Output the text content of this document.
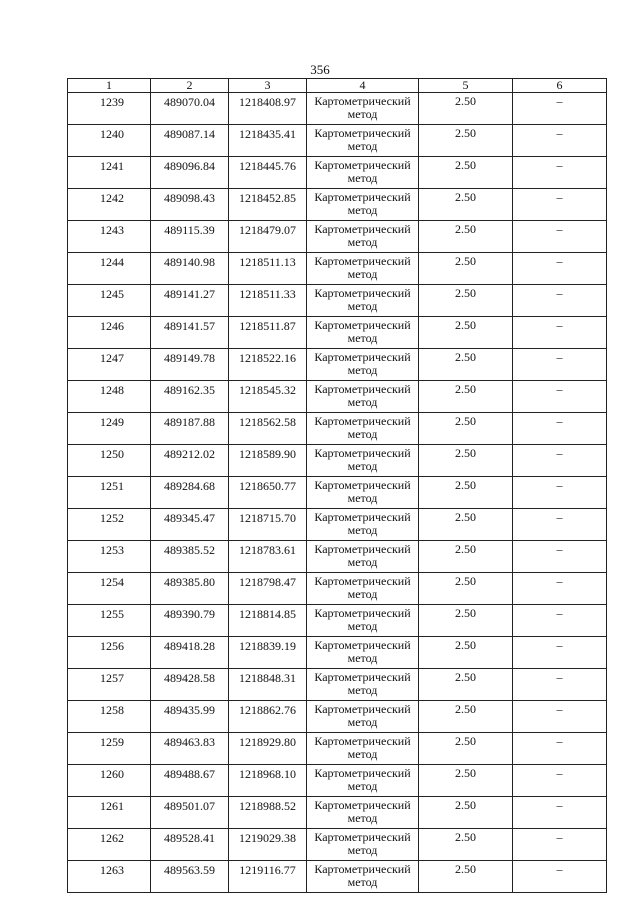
356
1	2	3	4	5	6
1239	489070.04	1218408.97	Картометрический метод	2.50	–
1240	489087.14	1218435.41	Картометрический метод	2.50	–
1241	489096.84	1218445.76	Картометрический метод	2.50	–
1242	489098.43	1218452.85	Картометрический метод	2.50	–
1243	489115.39	1218479.07	Картометрический метод	2.50	–
1244	489140.98	1218511.13	Картометрический метод	2.50	–
1245	489141.27	1218511.33	Картометрический метод	2.50	–
1246	489141.57	1218511.87	Картометрический метод	2.50	–
1247	489149.78	1218522.16	Картометрический метод	2.50	–
1248	489162.35	1218545.32	Картометрический метод	2.50	–
1249	489187.88	1218562.58	Картометрический метод	2.50	–
1250	489212.02	1218589.90	Картометрический метод	2.50	–
1251	489284.68	1218650.77	Картометрический метод	2.50	–
1252	489345.47	1218715.70	Картометрический метод	2.50	–
1253	489385.52	1218783.61	Картометрический метод	2.50	–
1254	489385.80	1218798.47	Картометрический метод	2.50	–
1255	489390.79	1218814.85	Картометрический метод	2.50	–
1256	489418.28	1218839.19	Картометрический метод	2.50	–
1257	489428.58	1218848.31	Картометрический метод	2.50	–
1258	489435.99	1218862.76	Картометрический метод	2.50	–
1259	489463.83	1218929.80	Картометрический метод	2.50	–
1260	489488.67	1218968.10	Картометрический метод	2.50	–
1261	489501.07	1218988.52	Картометрический метод	2.50	–
1262	489528.41	1219029.38	Картометрический метод	2.50	–
1263	489563.59	1219116.77	Картометрический метод	2.50	–
